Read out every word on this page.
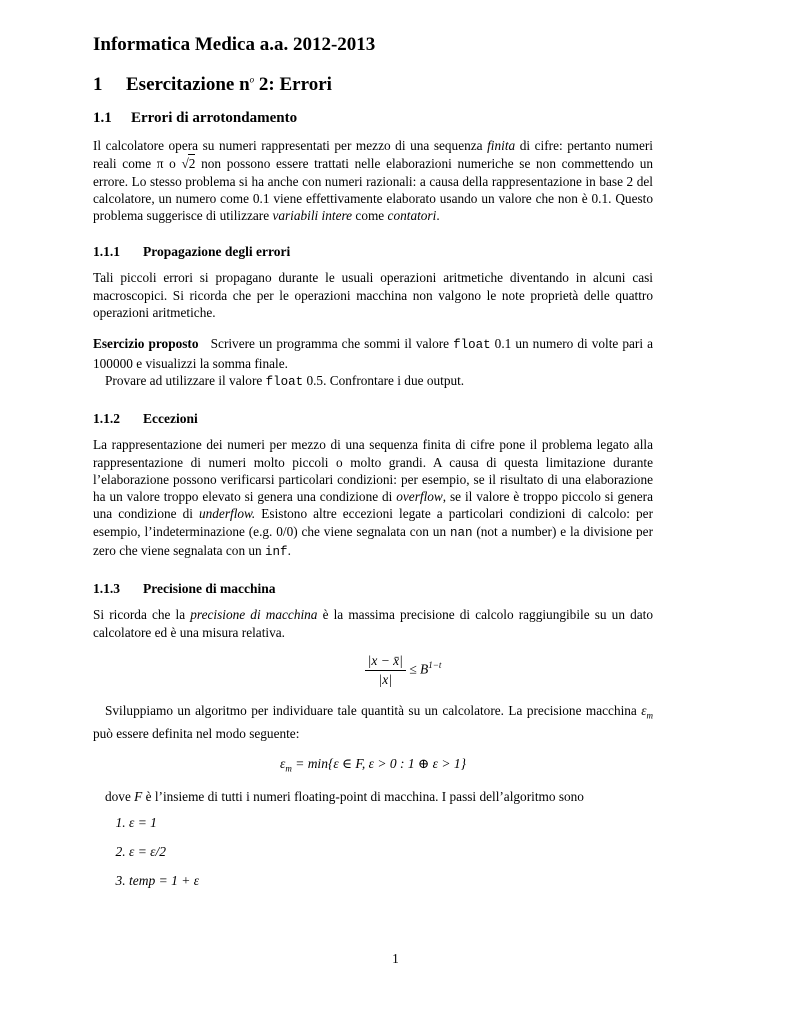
Informatica Medica a.a. 2012-2013
1 Esercitazione $n^o$ 2: Errori
1.1 Errori di arrotondamento

Il calcolatore opera su numeri rappresentati per mezzo di una sequenza finita di cifre: pertanto numeri reali come π o √2 non possono essere trattati nelle elaborazioni numeriche se non commettendo un errore. Lo stesso problema si ha anche con numeri razionali: a causa della rappresentazione in base 2 del calcolatore, un numero come 0.1 viene effettivamente elaborato usando un valore che non è 0.1. Questo problema suggerisce di utilizzare variabili intere come contatori.

1.1.1 Propagazione degli errori

Tali piccoli errori si propagano durante le usuali operazioni aritmetiche diventando in alcuni casi macroscopici. Si ricorda che per le operazioni macchina non valgono le note proprietà delle quattro operazioni aritmetiche.

Esercizio proposto Scrivere un programma che sommi il valore float 0.1 un numero di volte pari a 100000 e visualizzi la somma finale.

Provare ad utilizzare il valore float 0.5. Confrontare i due output.

1.1.2 Eccezioni

La rappresentazione dei numeri per mezzo di una sequenza finita di cifre pone il problema legato alla rappresentazione di numeri molto piccoli o molto grandi. A causa di questa limitazione durante l’elaborazione possono verificarsi particolari condizioni: per esempio, se il risultato di una elaborazione ha un valore troppo elevato si genera una condizione di overflow, se il valore è troppo piccolo si genera una condizione di underflow. Esistono altre eccezioni legate a particolari condizioni di calcolo: per esempio, l’indeterminazione (e.g. 0/0) che viene segnalata con un nan (not a number) e la divisione per zero che viene segnalata con un inf.

1.1.3 Precisione di macchina

Si ricorda che la precisione di macchina è la massima precisione di calcolo raggiungibile su un dato calcolatore ed è una misura relativa.

$\frac{|x - x̄|}{|x|} \le B^{1-t}$

Sviluppiamo un algoritmo per individuare tale quantità su un calcolatore. La precisione macchina $\varepsilon_m$ può essere definita nel modo seguente:

$\varepsilon_m = \min\{\varepsilon$ ∈ F, ε > 0 : 1 ⊕ ε > 1}

dove F è l’insieme di tutti i numeri floating-point di macchina. I passi dell’algoritmo sono

1. ε = 1
2. ε = ε/2
3. temp = 1 + ε
1
